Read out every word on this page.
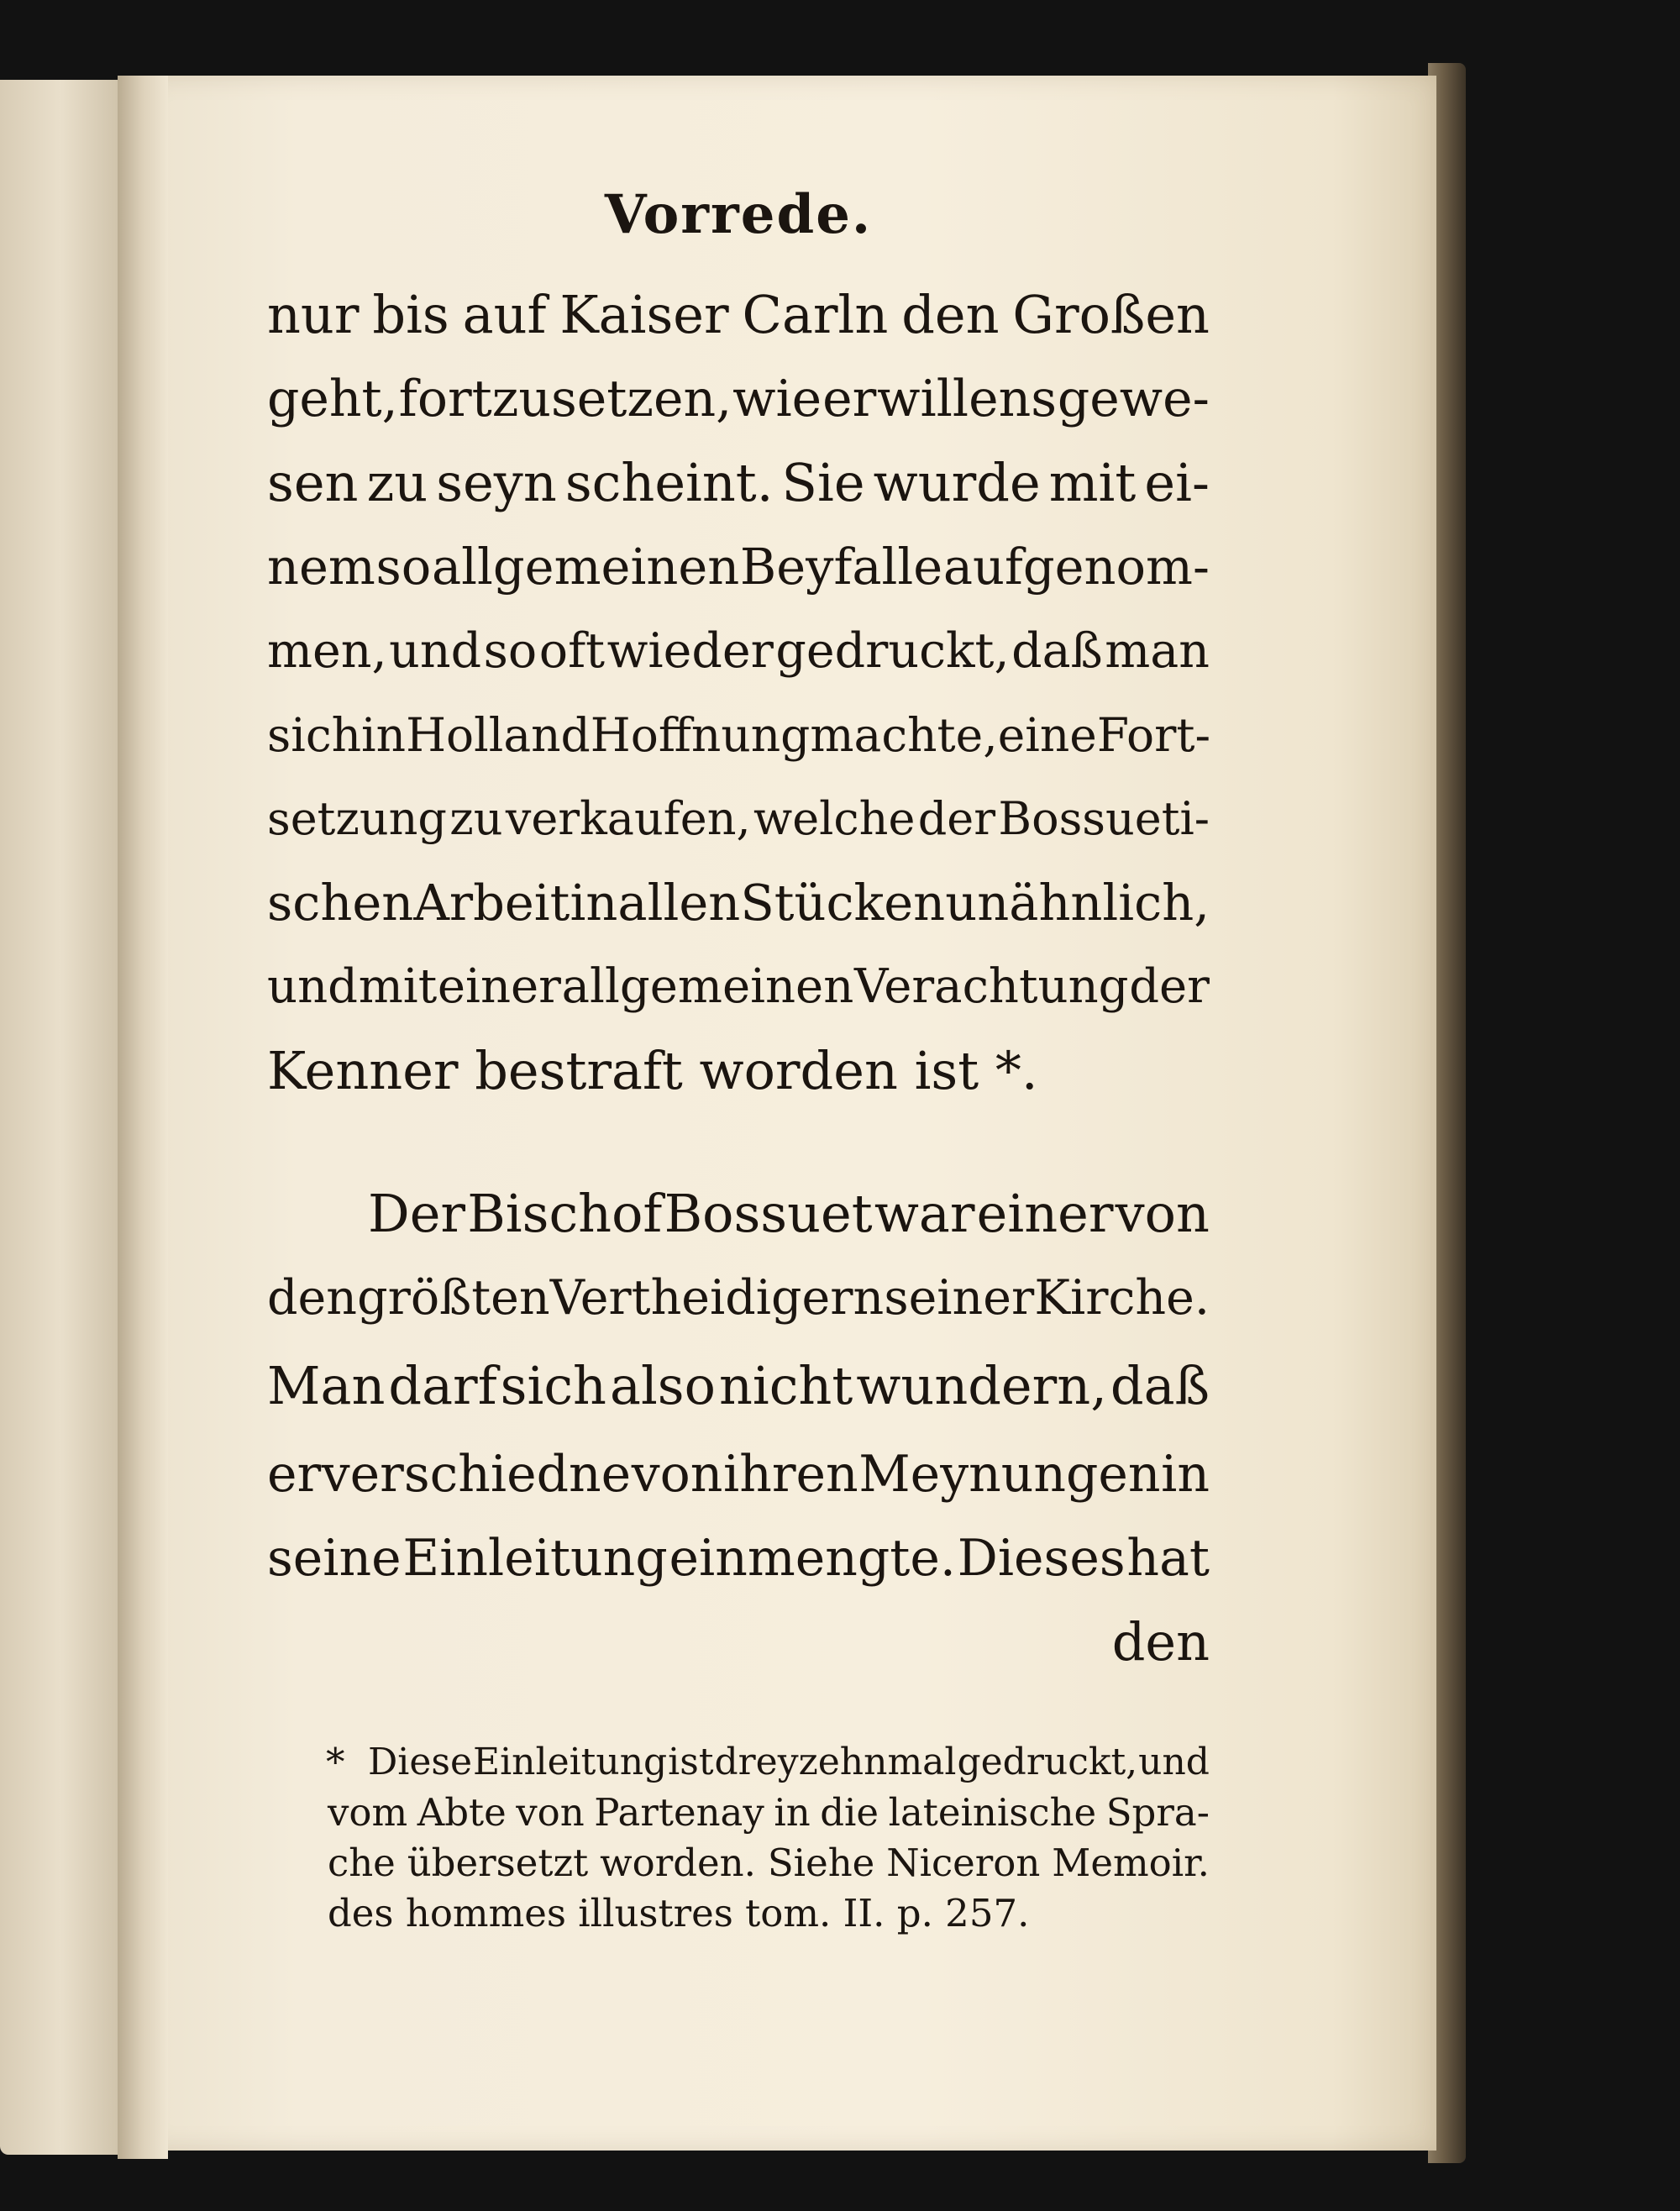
Vorrede.
nur bis auf Kaiser Carln den Großen
geht, fortzusetzen, wie er willens gewe-
sen zu seyn scheint. Sie wurde mit ei-
nem so allgemeinen Beyfalle aufgenom-
men, und so oft wieder gedruckt, daß man
sich in Holland Hoffnung machte, eine Fort-
setzung zu verkaufen, welche der Bossueti-
schen Arbeit in allen Stücken unähnlich,
und mit einer allgemeinen Verachtung der
Kenner bestraft worden ist *.
Der Bischof Bossuet war einer von
den größten Vertheidigern seiner Kirche.
Man darf sich also nicht wundern, daß
er verschiedne von ihren Meynungen in
seine Einleitung einmengte. Dieses hat
den
* Diese Einleitung ist dreyzehnmal gedruckt, und
vom Abte von Partenay in die lateinische Spra-
che übersetzt worden. Siehe Niceron Memoir.
des hommes illustres tom. II. p. 257.
